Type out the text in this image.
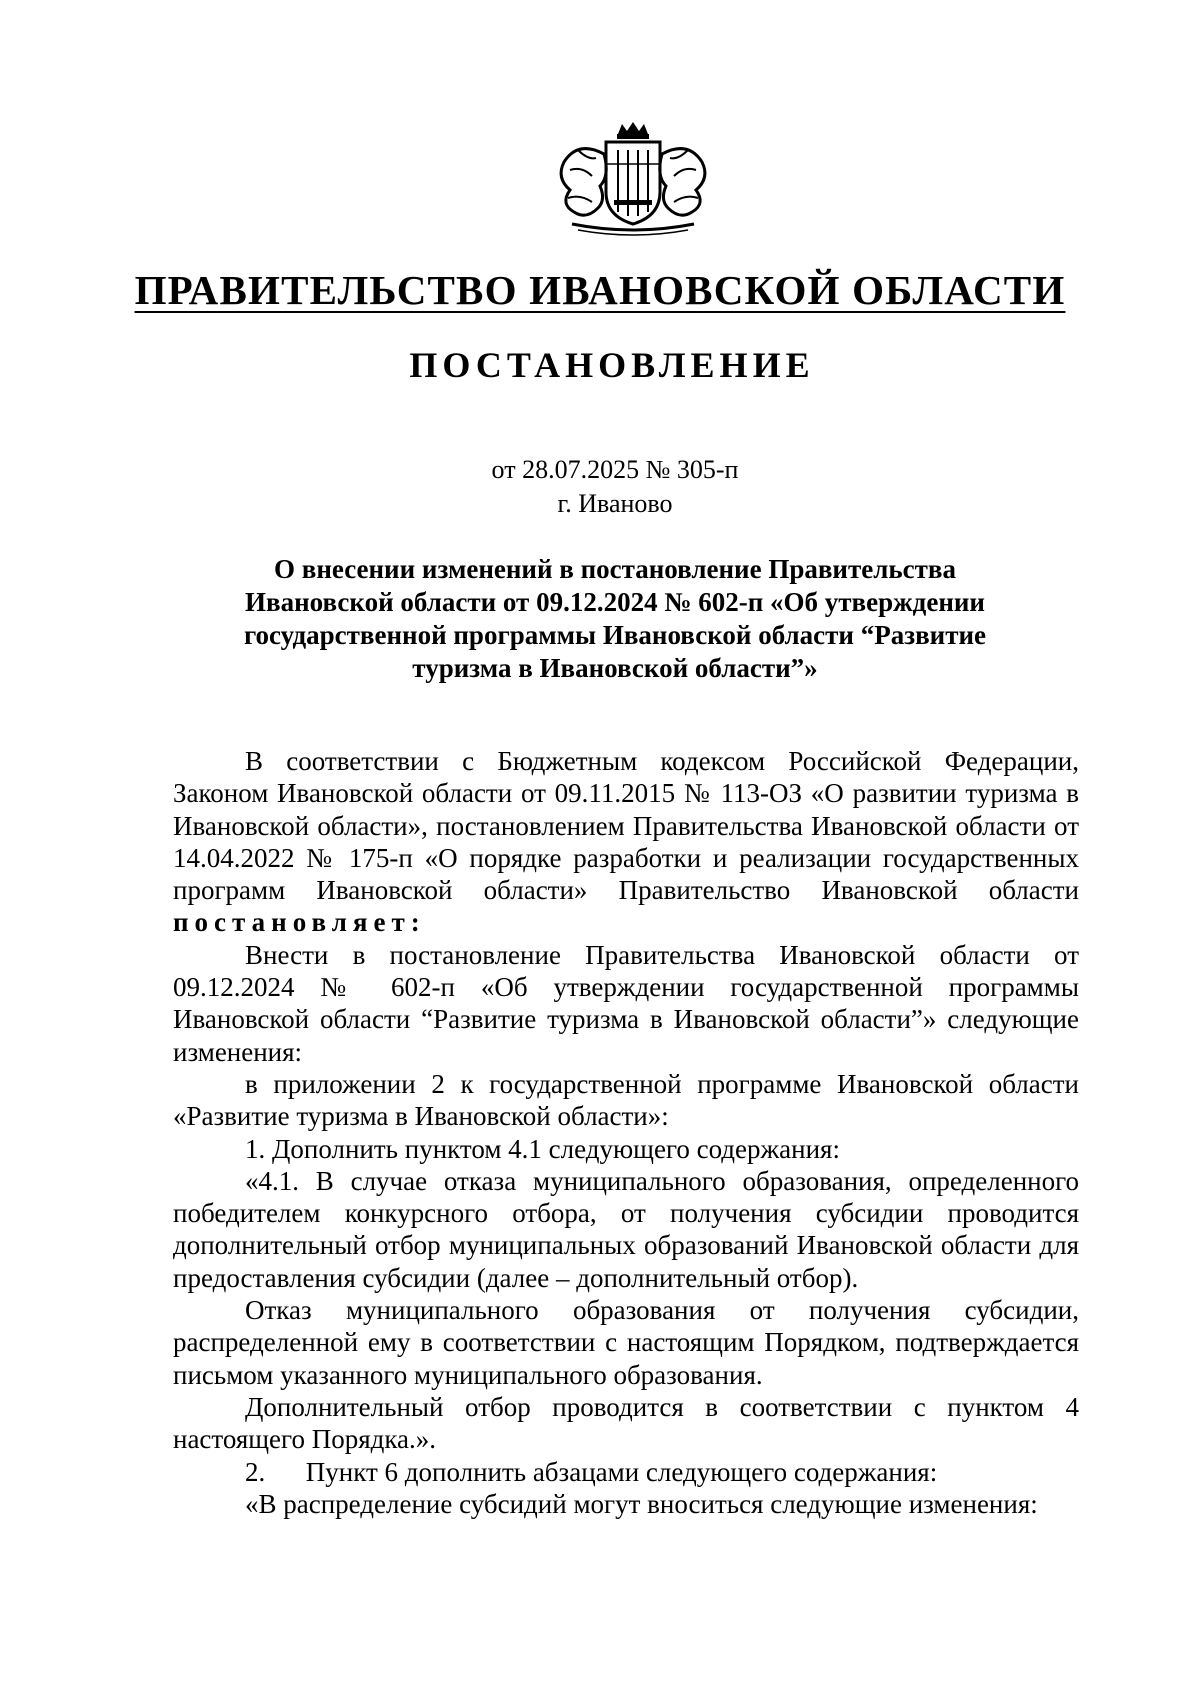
ПРАВИТЕЛЬСТВО ИВАНОВСКОЙ ОБЛАСТИ
ПОСТАНОВЛЕНИЕ
от 28.07.2025 № 305-п
г. Иваново
О внесении изменений в постановление Правительства
Ивановской области от 09.12.2024 № 602-п «Об утверждении
государственной программы Ивановской области “Развитие
туризма в Ивановской области”»

В соответствии с Бюджетным кодексом Российской Федерации, Законом Ивановской области от 09.11.2015 № 113-ОЗ «О развитии туризма в Ивановской области», постановлением Правительства Ивановской области от 14.04.2022 № 175-п «О порядке разработки и реализации государственных программ Ивановской области» Правительство Ивановской области постановляет:

Внести в постановление Правительства Ивановской области от 09.12.2024 № 602-п «Об утверждении государственной программы Ивановской области “Развитие туризма в Ивановской области”» следующие изменения:

в приложении 2 к государственной программе Ивановской области «Развитие туризма в Ивановской области»:

1. Дополнить пунктом 4.1 следующего содержания:

«4.1. В случае отказа муниципального образования, определенного победителем конкурсного отбора, от получения субсидии проводится дополнительный отбор муниципальных образований Ивановской области для предоставления субсидии (далее – дополнительный отбор).

Отказ муниципального образования от получения субсидии, распределенной ему в соответствии с настоящим Порядком, подтверждается письмом указанного муниципального образования.

Дополнительный отбор проводится в соответствии с пунктом 4 настоящего Порядка.».

2.      Пункт 6 дополнить абзацами следующего содержания:

«В распределение субсидий могут вноситься следующие изменения:
